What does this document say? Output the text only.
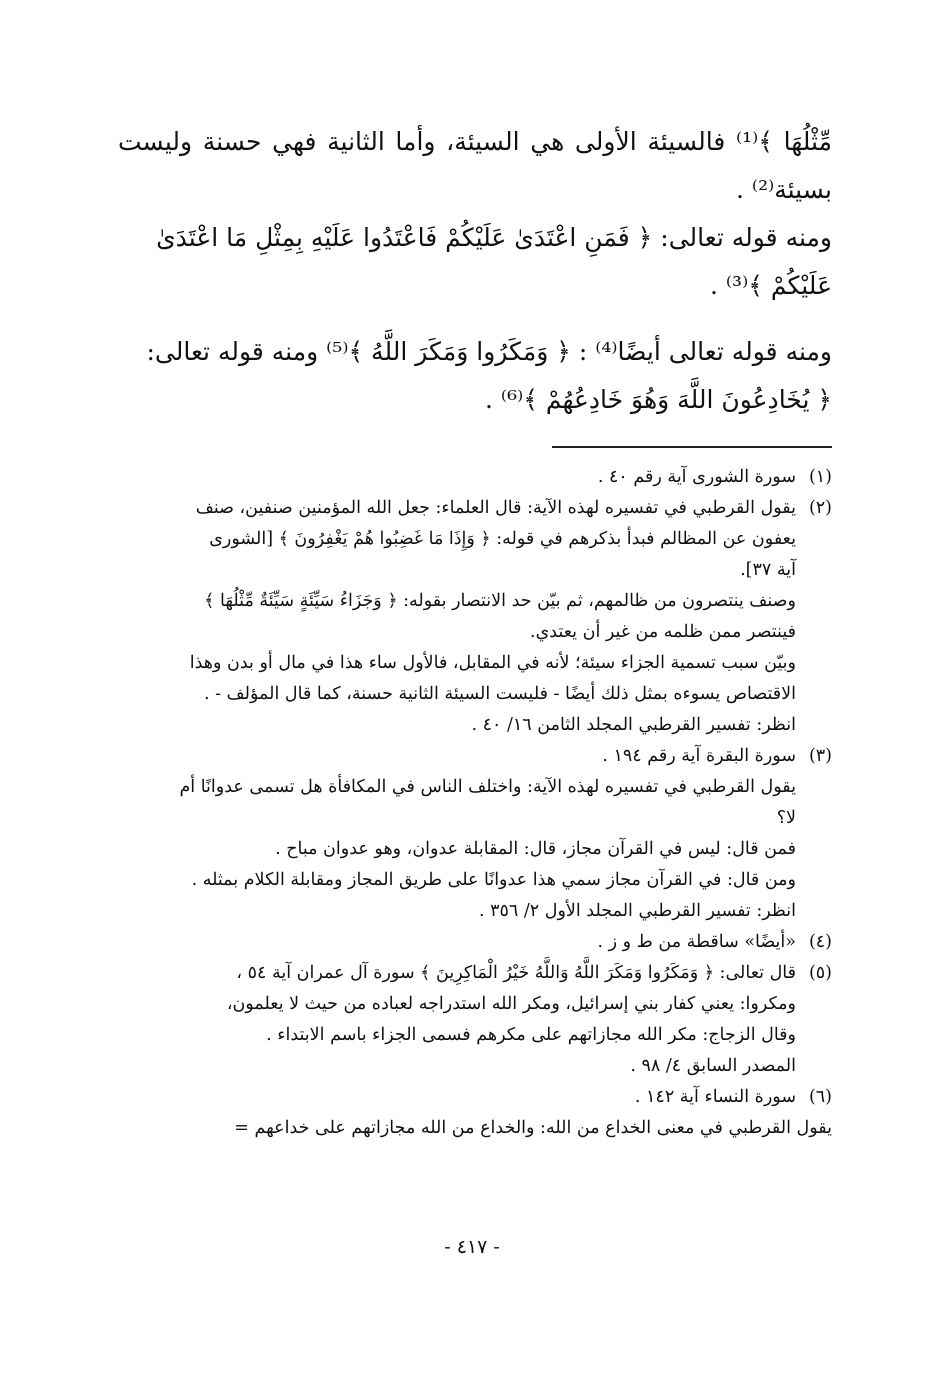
مِّثْلُهَا ﴾⁽¹⁾ فالسيئة الأولى هي السيئة، وأما الثانية فهي حسنة وليست بسيئة⁽²⁾ .

ومنه قوله تعالى: ﴿ فَمَنِ اعْتَدَىٰ عَلَيْكُمْ فَاعْتَدُوا عَلَيْهِ بِمِثْلِ مَا اعْتَدَىٰ

عَلَيْكُمْ ﴾⁽³⁾ .

ومنه قوله تعالى أيضًا⁽⁴⁾ : ﴿ وَمَكَرُوا وَمَكَرَ اللَّهُ ﴾⁽⁵⁾ ومنه قوله تعالى:

﴿ يُخَادِعُونَ اللَّهَ وَهُوَ خَادِعُهُمْ ﴾⁽⁶⁾ .

(١)
سورة الشورى آية رقم ٤٠ .
(٢)
يقول القرطبي في تفسيره لهذه الآية: قال العلماء: جعل الله المؤمنين صنفين، صنف
يعفون عن المظالم فبدأ بذكرهم في قوله: ﴿ وَإِذَا مَا غَضِبُوا هُمْ يَغْفِرُونَ ﴾ [الشورى
آية ٣٧].
وصنف ينتصرون من ظالمهم، ثم بيّن حد الانتصار بقوله: ﴿ وَجَزَاءُ سَيِّئَةٍ سَيِّئَةٌ مِّثْلُهَا ﴾
فينتصر ممن ظلمه من غير أن يعتدي.
وبيّن سبب تسمية الجزاء سيئة؛ لأنه في المقابل، فالأول ساء هذا في مال أو بدن وهذا
الاقتصاص يسوءه بمثل ذلك أيضًا - فليست السيئة الثانية حسنة، كما قال المؤلف - .
انظر: تفسير القرطبي المجلد الثامن ١٦/ ٤٠ .
(٣)
سورة البقرة آية رقم ١٩٤ .
يقول القرطبي في تفسيره لهذه الآية: واختلف الناس في المكافأة هل تسمى عدوانًا أم
لا؟
فمن قال: ليس في القرآن مجاز، قال: المقابلة عدوان، وهو عدوان مباح .
ومن قال: في القرآن مجاز سمي هذا عدوانًا على طريق المجاز ومقابلة الكلام بمثله .
انظر: تفسير القرطبي المجلد الأول ٢/ ٣٥٦ .
(٤)
«أيضًا» ساقطة من ط و ز .
(٥)
قال تعالى: ﴿ وَمَكَرُوا وَمَكَرَ اللَّهُ وَاللَّهُ خَيْرُ الْمَاكِرِينَ ﴾ سورة آل عمران آية ٥٤ ،
ومكروا: يعني كفار بني إسرائيل، ومكر الله استدراجه لعباده من حيث لا يعلمون،
وقال الزجاج: مكر الله مجازاتهم على مكرهم فسمى الجزاء باسم الابتداء .
المصدر السابق ٤/ ٩٨ .
(٦)
سورة النساء آية ١٤٢ .
يقول القرطبي في معنى الخداع من الله: والخداع من الله مجازاتهم على خداعهم =
- ٤١٧ -
